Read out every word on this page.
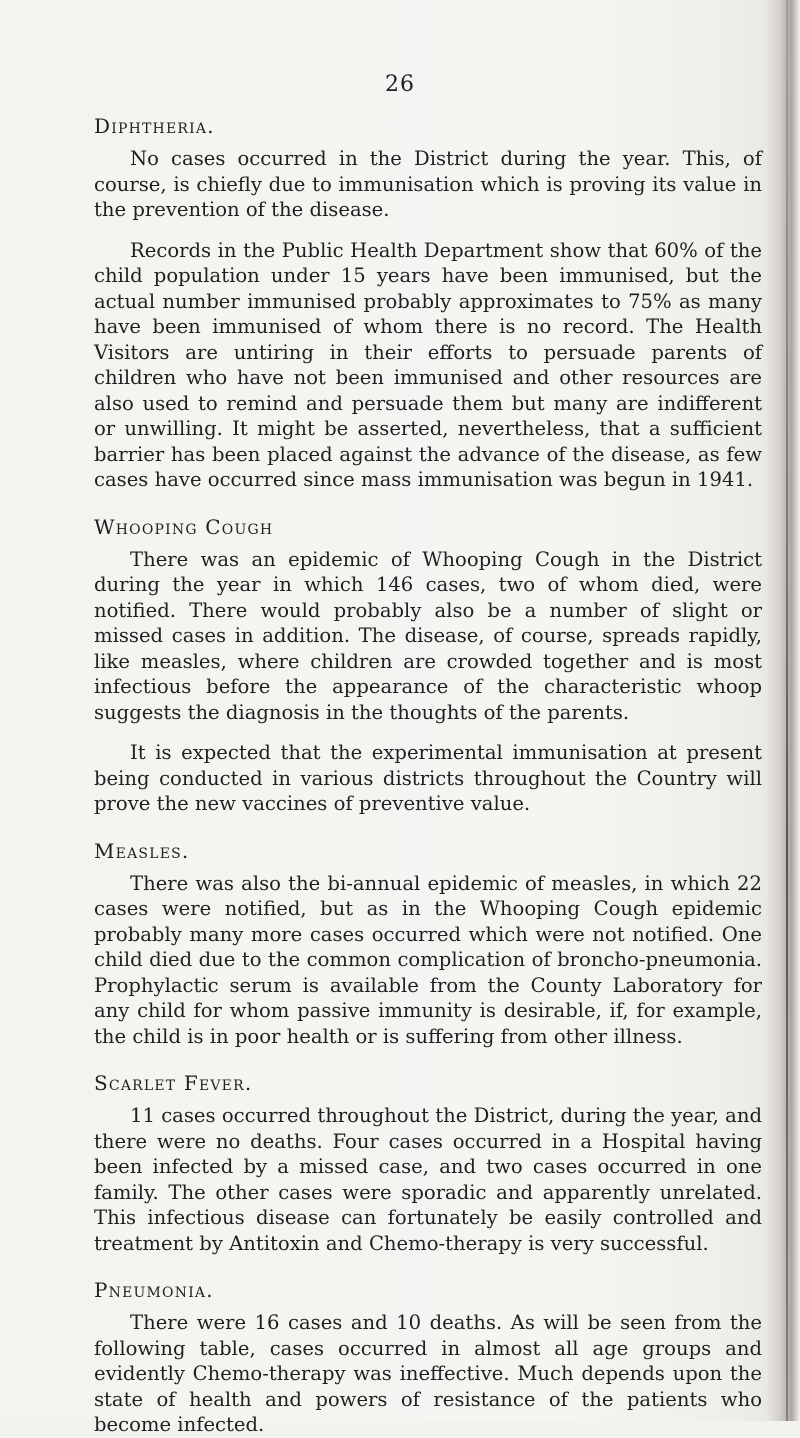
26
Diphtheria.

No cases occurred in the District during the year. This, of course, is chiefly due to immunisation which is proving its value in the prevention of the disease.

Records in the Public Health Department show that 60% of the child population under 15 years have been immunised, but the actual number immunised probably approximates to 75% as many have been immunised of whom there is no record. The Health Visitors are untiring in their efforts to persuade parents of children who have not been immunised and other resources are also used to remind and persuade them but many are indifferent or unwilling. It might be asserted, nevertheless, that a sufficient barrier has been placed against the advance of the disease, as few cases have occurred since mass immunisation was begun in 1941.

Whooping Cough

There was an epidemic of Whooping Cough in the District during the year in which 146 cases, two of whom died, were notified. There would probably also be a number of slight or missed cases in addition. The disease, of course, spreads rapidly, like measles, where children are crowded together and is most infectious before the appearance of the characteristic whoop suggests the diagnosis in the thoughts of the parents.

It is expected that the experimental immunisation at present being conducted in various districts throughout the Country will prove the new vaccines of preventive value.

Measles.

There was also the bi-annual epidemic of measles, in which 22 cases were notified, but as in the Whooping Cough epidemic probably many more cases occurred which were not notified. One child died due to the common complication of broncho-pneumonia. Prophylactic serum is available from the County Laboratory for any child for whom passive immunity is desirable, if, for example, the child is in poor health or is suffering from other illness.

Scarlet Fever.

11 cases occurred throughout the District, during the year, and there were no deaths. Four cases occurred in a Hospital having been infected by a missed case, and two cases occurred in one family. The other cases were sporadic and apparently unrelated. This infectious disease can fortunately be easily controlled and treatment by Antitoxin and Chemo-therapy is very successful.

Pneumonia.

There were 16 cases and 10 deaths. As will be seen from the following table, cases occurred in almost all age groups and evidently Chemo-therapy was ineffective. Much depends upon the state of health and powers of resistance of the patients who become infected.
